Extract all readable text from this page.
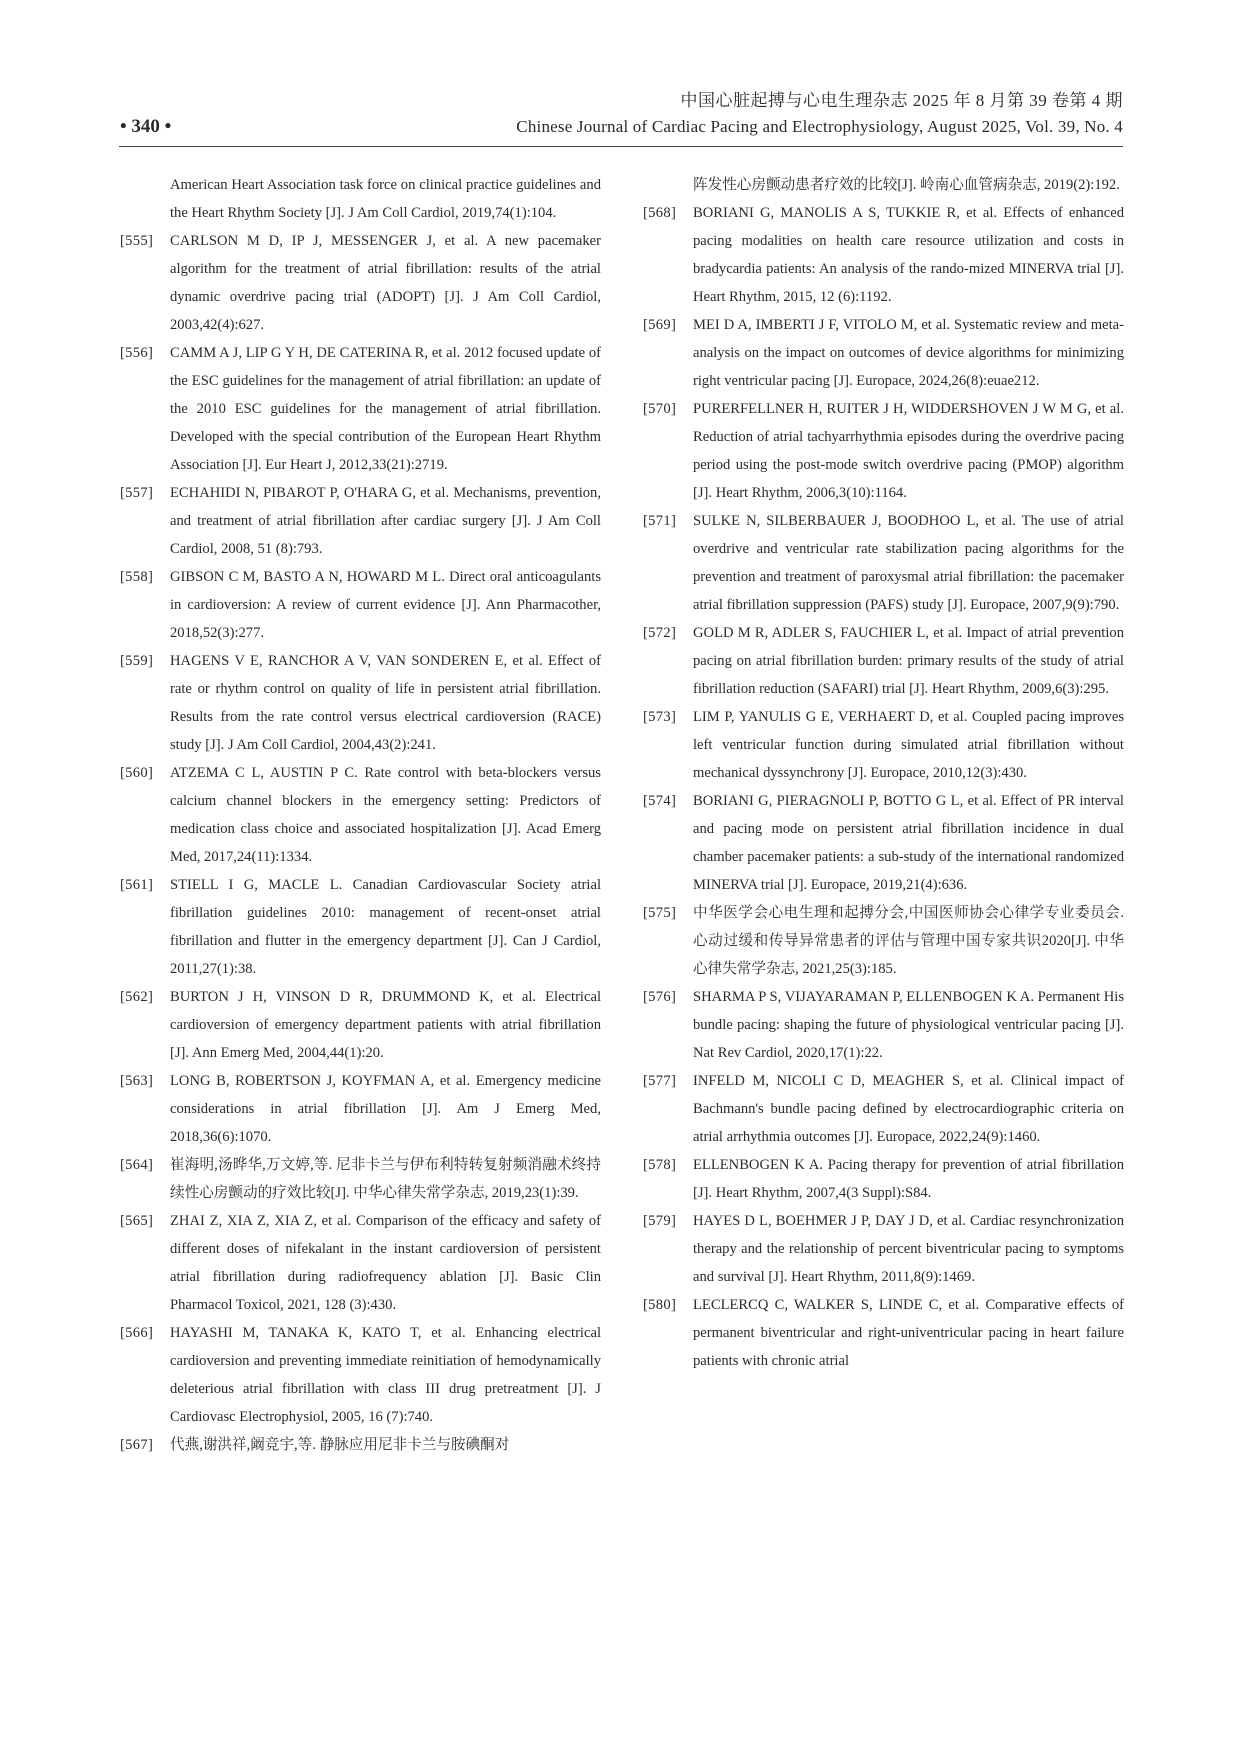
中国心脏起搏与心电生理杂志 2025 年 8 月第 39 卷第 4 期
• 340 •	Chinese Journal of Cardiac Pacing and Electrophysiology, August 2025, Vol. 39, No. 4
American Heart Association task force on clinical practice guidelines and the Heart Rhythm Society [J]. J Am Coll Cardiol, 2019,74(1):104.
[555]	CARLSON M D, IP J, MESSENGER J, et al. A new pacemaker algorithm for the treatment of atrial fibrillation: results of the atrial dynamic overdrive pacing trial (ADOPT) [J]. J Am Coll Cardiol, 2003,42(4):627.
[556]	CAMM A J, LIP G Y H, DE CATERINA R, et al. 2012 focused update of the ESC guidelines for the management of atrial fibrillation: an update of the 2010 ESC guidelines for the management of atrial fibrillation. Developed with the special contribution of the European Heart Rhythm Association [J]. Eur Heart J, 2012,33(21):2719.
[557]	ECHAHIDI N, PIBAROT P, O'HARA G, et al. Mechanisms, prevention, and treatment of atrial fibrillation after cardiac surgery [J]. J Am Coll Cardiol, 2008, 51 (8):793.
[558]	GIBSON C M, BASTO A N, HOWARD M L. Direct oral anticoagulants in cardioversion: A review of current evidence [J]. Ann Pharmacother, 2018,52(3):277.
[559]	HAGENS V E, RANCHOR A V, VAN SONDEREN E, et al. Effect of rate or rhythm control on quality of life in persistent atrial fibrillation. Results from the rate control versus electrical cardioversion (RACE) study [J]. J Am Coll Cardiol, 2004,43(2):241.
[560]	ATZEMA C L, AUSTIN P C. Rate control with beta-blockers versus calcium channel blockers in the emergency setting: Predictors of medication class choice and associated hospitalization [J]. Acad Emerg Med, 2017,24(11):1334.
[561]	STIELL I G, MACLE L. Canadian Cardiovascular Society atrial fibrillation guidelines 2010: management of recent-onset atrial fibrillation and flutter in the emergency department [J]. Can J Cardiol, 2011,27(1):38.
[562]	BURTON J H, VINSON D R, DRUMMOND K, et al. Electrical cardioversion of emergency department patients with atrial fibrillation [J]. Ann Emerg Med, 2004,44(1):20.
[563]	LONG B, ROBERTSON J, KOYFMAN A, et al. Emergency medicine considerations in atrial fibrillation [J]. Am J Emerg Med, 2018,36(6):1070.
[564]	崔海明,汤晔华,万文婷,等. 尼非卡兰与伊布利特转复射频消融术终持续性心房颤动的疗效比较[J]. 中华心律失常学杂志, 2019,23(1):39.
[565]	ZHAI Z, XIA Z, XIA Z, et al. Comparison of the efficacy and safety of different doses of nifekalant in the instant cardioversion of persistent atrial fibrillation during radiofrequency ablation [J]. Basic Clin Pharmacol Toxicol, 2021, 128 (3):430.
[566]	HAYASHI M, TANAKA K, KATO T, et al. Enhancing electrical cardioversion and preventing immediate reinitiation of hemodynamically deleterious atrial fibrillation with class III drug pretreatment [J]. J Cardiovasc Electrophysiol, 2005, 16 (7):740.
[567]	代燕,谢洪祥,阚竞宇,等. 静脉应用尼非卡兰与胺碘酮对
阵发性心房颤动患者疗效的比较[J]. 岭南心血管病杂志, 2019(2):192.
[568]	BORIANI G, MANOLIS A S, TUKKIE R, et al. Effects of enhanced pacing modalities on health care resource utilization and costs in bradycardia patients: An analysis of the rando-mized MINERVA trial [J]. Heart Rhythm, 2015, 12 (6):1192.
[569]	MEI D A, IMBERTI J F, VITOLO M, et al. Systematic review and meta-analysis on the impact on outcomes of device algorithms for minimizing right ventricular pacing [J]. Europace, 2024,26(8):euae212.
[570]	PURERFELLNER H, RUITER J H, WIDDERSHOVEN J W M G, et al. Reduction of atrial tachyarrhythmia episodes during the overdrive pacing period using the post-mode switch overdrive pacing (PMOP) algorithm [J]. Heart Rhythm, 2006,3(10):1164.
[571]	SULKE N, SILBERBAUER J, BOODHOO L, et al. The use of atrial overdrive and ventricular rate stabilization pacing algorithms for the prevention and treatment of paroxysmal atrial fibrillation: the pacemaker atrial fibrillation suppression (PAFS) study [J]. Europace, 2007,9(9):790.
[572]	GOLD M R, ADLER S, FAUCHIER L, et al. Impact of atrial prevention pacing on atrial fibrillation burden: primary results of the study of atrial fibrillation reduction (SAFARI) trial [J]. Heart Rhythm, 2009,6(3):295.
[573]	LIM P, YANULIS G E, VERHAERT D, et al. Coupled pacing improves left ventricular function during simulated atrial fibrillation without mechanical dyssynchrony [J]. Europace, 2010,12(3):430.
[574]	BORIANI G, PIERAGNOLI P, BOTTO G L, et al. Effect of PR interval and pacing mode on persistent atrial fibrillation incidence in dual chamber pacemaker patients: a sub-study of the international randomized MINERVA trial [J]. Europace, 2019,21(4):636.
[575]	中华医学会心电生理和起搏分会,中国医师协会心律学专业委员会. 心动过缓和传导异常患者的评估与管理中国专家共识2020[J]. 中华心律失常学杂志, 2021,25(3):185.
[576]	SHARMA P S, VIJAYARAMAN P, ELLENBOGEN K A. Permanent His bundle pacing: shaping the future of physiological ventricular pacing [J]. Nat Rev Cardiol, 2020,17(1):22.
[577]	INFELD M, NICOLI C D, MEAGHER S, et al. Clinical impact of Bachmann's bundle pacing defined by electrocardiographic criteria on atrial arrhythmia outcomes [J]. Europace, 2022,24(9):1460.
[578]	ELLENBOGEN K A. Pacing therapy for prevention of atrial fibrillation [J]. Heart Rhythm, 2007,4(3 Suppl):S84.
[579]	HAYES D L, BOEHMER J P, DAY J D, et al. Cardiac resynchronization therapy and the relationship of percent biventricular pacing to symptoms and survival [J]. Heart Rhythm, 2011,8(9):1469.
[580]	LECLERCQ C, WALKER S, LINDE C, et al. Comparative effects of permanent biventricular and right-univentricular pacing in heart failure patients with chronic atrial
